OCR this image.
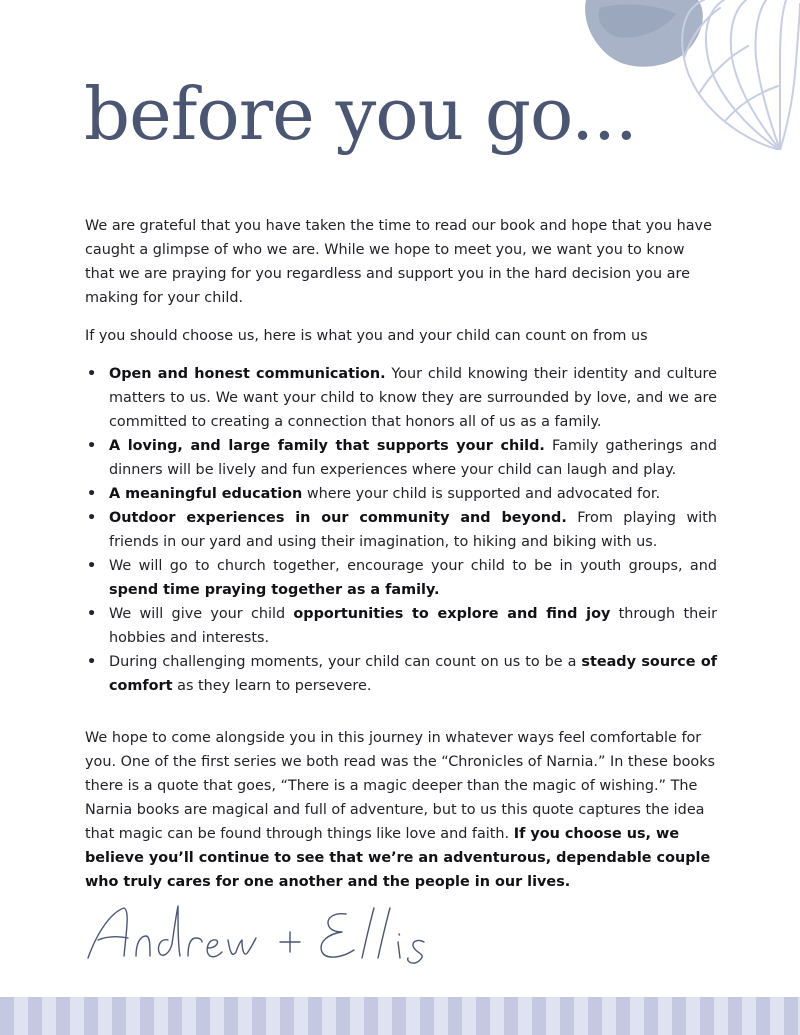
before you go...

We are grateful that you have taken the time to read our book and hope that you have caught a glimpse of who we are. While we hope to meet you, we want you to know that we are praying for you regardless and support you in the hard decision you are making for your child.

If you should choose us, here is what you and your child can count on from us

• Open and honest communication. Your child knowing their identity and culture matters to us. We want your child to know they are surrounded by love, and we are committed to creating a connection that honors all of us as a family.
• A loving, and large family that supports your child. Family gatherings and dinners will be lively and fun experiences where your child can laugh and play.
• A meaningful education where your child is supported and advocated for.
• Outdoor experiences in our community and beyond. From playing with friends in our yard and using their imagination, to hiking and biking with us.
• We will go to church together, encourage your child to be in youth groups, and spend time praying together as a family.
• We will give your child opportunities to explore and find joy through their hobbies and interests.
• During challenging moments, your child can count on us to be a steady source of comfort as they learn to persevere.

We hope to come alongside you in this journey in whatever ways feel comfortable for you. One of the first series we both read was the “Chronicles of Narnia.” In these books there is a quote that goes, “There is a magic deeper than the magic of wishing.” The Narnia books are magical and full of adventure, but to us this quote captures the idea that magic can be found through things like love and faith. If you choose us, we believe you’ll continue to see that we’re an adventurous, dependable couple who truly cares for one another and the people in our lives.
